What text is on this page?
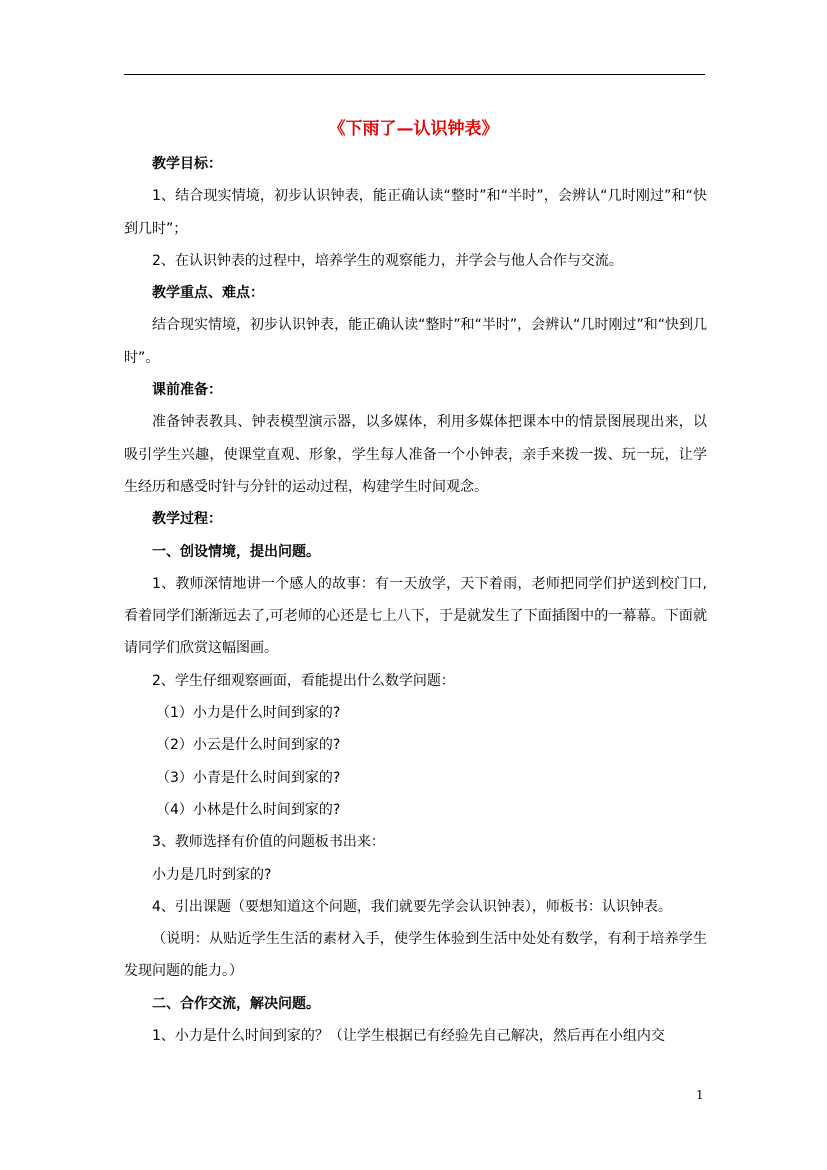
《下雨了—认识钟表》

教学目标：

1、结合现实情境，初步认识钟表，能正确认读“整时”和“半时”，会辨认“几时刚过”和“快到几时”；

2、在认识钟表的过程中，培养学生的观察能力，并学会与他人合作与交流。

教学重点、难点：

结合现实情境，初步认识钟表，能正确认读“整时”和“半时”，会辨认“几时刚过”和“快到几时”。

课前准备：

准备钟表教具、钟表模型演示器，以多媒体，利用多媒体把课本中的情景图展现出来，以吸引学生兴趣，使课堂直观、形象，学生每人准备一个小钟表，亲手来拨一拨、玩一玩，让学生经历和感受时针与分针的运动过程，构建学生时间观念。

教学过程：

一、创设情境，提出问题。

1、教师深情地讲一个感人的故事：有一天放学，天下着雨，老师把同学们护送到校门口,看着同学们渐渐远去了,可老师的心还是七上八下，于是就发生了下面插图中的一幕幕。下面就请同学们欣赏这幅图画。

2、学生仔细观察画面，看能提出什么数学问题：

（1）小力是什么时间到家的?

（2）小云是什么时间到家的?

（3）小青是什么时间到家的?

（4）小林是什么时间到家的?

3、教师选择有价值的问题板书出来：

小力是几时到家的?

4、引出课题（要想知道这个问题，我们就要先学会认识钟表），师板书：认识钟表。

（说明：从贴近学生生活的素材入手，使学生体验到生活中处处有数学，有利于培养学生发现问题的能力。）

二、合作交流，解决问题。

1、小力是什么时间到家的？（让学生根据已有经验先自己解决，然后再在小组内交

1
